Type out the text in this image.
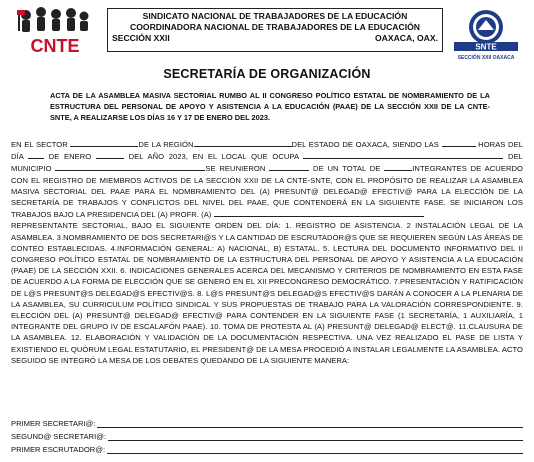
CNTE
SINDICATO NACIONAL DE TRABAJADORES DE LA EDUCACIÓN
COORDINADORA NACIONAL DE TRABAJADORES DE LA EDUCACIÓN
SECCIÓN XXII	OAXACA, OAX.
SNTE
SECCIÓN XXII OAXACA
SECRETARÍA DE ORGANIZACIÓN
ACTA DE LA ASAMBLEA MASIVA SECTORIAL RUMBO AL II CONGRESO POLÍTICO ESTATAL DE NOMBRAMIENTO DE LA ESTRUCTURA DEL PERSONAL DE APOYO Y ASISTENCIA A LA EDUCACIÓN (PAAE) DE LA SECCIÓN XXII DE LA CNTE-SNTE, A REALIZARSE LOS DÍAS 16 Y 17 DE ENERO DEL 2023.

EN EL SECTOR	DE LA REGIÓN	DEL ESTADO DE OAXACA, SIENDO LAS	HORAS DEL DÍA	DE ENERO	DEL AÑO 2023, EN EL LOCAL QUE OCUPA	DEL MUNICIPIO	SE REUNIERON	DE UN TOTAL DE	INTEGRANTES DE ACUERDO CON EL REGISTRO DE MIEMBROS ACTIVOS DE LA SECCIÓN XXII DE LA CNTE-SNTE, CON EL PROPÓSITO DE REALIZAR LA ASAMBLEA MASIVA SECTORIAL DEL PAAE PARA EL NOMBRAMIENTO DEL (A) PRESUNT@ DELEGAD@ EFECTIV@ PARA LA ELECCIÓN DE LA SECRETARÍA DE TRABAJOS Y CONFLICTOS DEL NIVEL DEL PAAE, QUE CONTENDERÁ EN LA SIGUIENTE FASE. SE INICIARON LOS TRABAJOS BAJO LA PRESIDENCIA DEL (A) PROFR. (A)

REPRESENTANTE SECTORIAL, BAJO EL SIGUIENTE ORDEN DEL DÍA: 1. REGISTRO DE ASISTENCIA. 2 INSTALACIÓN LEGAL DE LA ASAMBLEA. 3.NOMBRAMIENTO DE DOS SECRETARI@S Y LA CANTIDAD DE ESCRUTADOR@S QUE SE REQUIEREN SEGÚN LAS ÁREAS DE CONTEO ESTABLECIDAS. 4.INFORMACIÓN GENERAL: A) NACIONAL, B) ESTATAL. 5. LECTURA DEL DOCUMENTO INFORMATIVO DEL II CONGRESO POLÍTICO ESTATAL DE NOMBRAMIENTO DE LA ESTRUCTURA DEL PERSONAL DE APOYO Y ASISTENCIA A LA EDUCACIÓN (PAAE) DE LA SECCIÓN XXII. 6. INDICACIONES GENERALES ACERCA DEL MECANISMO Y CRITERIOS DE NOMBRAMIENTO EN ESTA FASE DE ACUERDO A LA FORMA DE ELECCIÓN QUE SE GENERÓ EN EL XII PRECONGRESO DEMOCRÁTICO. 7.PRESENTACIÓN Y RATIFICACIÓN DE L@S PRESUNT@S DELEGAD@S EFECTIV@S. 8. L@S PRESUNT@S DELEGAD@S EFECTIV@S DARÁN A CONOCER A LA PLENARIA DE LA ASAMBLEA, SU CURRICULUM POLÍTICO SINDICAL Y SUS PROPUESTAS DE TRABAJO PARA LA VALORACIÓN CORRESPONDIENTE. 9. ELECCIÓN DEL (A) PRESUNT@ DELEGAD@ EFECTIV@ PARA CONTENDER EN LA SIGUIENTE FASE (1 SECRETARÍA, 1 AUXILIARÍA, 1 INTEGRANTE DEL GRUPO IV DE ESCALAFÓN PAAE). 10. TOMA DE PROTESTA AL (A) PRESUNT@ DELEGAD@ ELECT@. 11.CLAUSURA DE LA ASAMBLEA. 12. ELABORACIÓN Y VALIDACIÓN DE LA DOCUMENTACIÓN RESPECTIVA. UNA VEZ REALIZADO EL PASE DE LISTA Y EXISTIENDO EL QUÓRUM LEGAL ESTATUTARIO, EL PRESIDENT@ DE LA MESA PROCEDIÓ A INSTALAR LEGALMENTE LA ASAMBLEA. ACTO SEGUIDO SE INTEGRÓ LA MESA DE LOS DEBATES QUEDANDO DE LA SIGUIENTE MANERA:

PRIMER SECRETARI@:
SEGUND@ SECRETARI@:
PRIMER ESCRUTADOR@:
